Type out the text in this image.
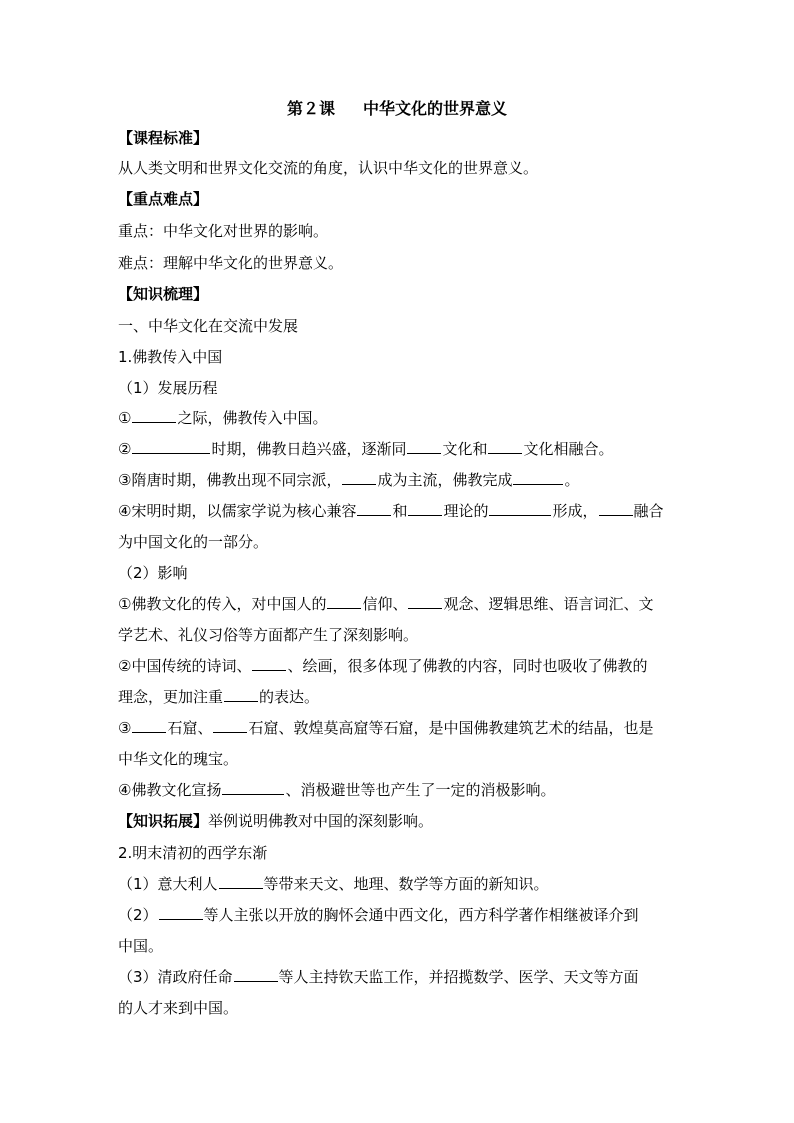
第２课 中华文化的世界意义
【课程标准】
从人类文明和世界文化交流的角度，认识中华文化的世界意义。
【重点难点】
重点：中华文化对世界的影响。
难点：理解中华文化的世界意义。
【知识梳理】
一、中华文化在交流中发展
1.佛教传入中国
（1）发展历程
①	之际，佛教传入中国。
②	时期，佛教日趋兴盛，逐渐同 文化和 文化相融合。
③隋唐时期，佛教出现不同宗派， 成为主流，佛教完成	。
④宋明时期，以儒家学说为核心兼容 和 理论的	形成， 融合
为中国文化的一部分。
（2）影响
①佛教文化的传入，对中国人的 信仰、 观念、逻辑思维、语言词汇、文
学艺术、礼仪习俗等方面都产生了深刻影响。
②中国传统的诗词、 、绘画，很多体现了佛教的内容，同时也吸收了佛教的
理念，更加注重 的表达。
③ 石窟、 石窟、敦煌莫高窟等石窟，是中国佛教建筑艺术的结晶，也是
中华文化的瑰宝。
④佛教文化宣扬	、消极避世等也产生了一定的消极影响。
【知识拓展】举例说明佛教对中国的深刻影响。
2.明末清初的西学东渐
（1）意大利人	等带来天文、地理、数学等方面的新知识。
（2）	等人主张以开放的胸怀会通中西文化，西方科学著作相继被译介到
中国。
（3）清政府任命	等人主持钦天监工作，并招揽数学、医学、天文等方面
的人才来到中国。
